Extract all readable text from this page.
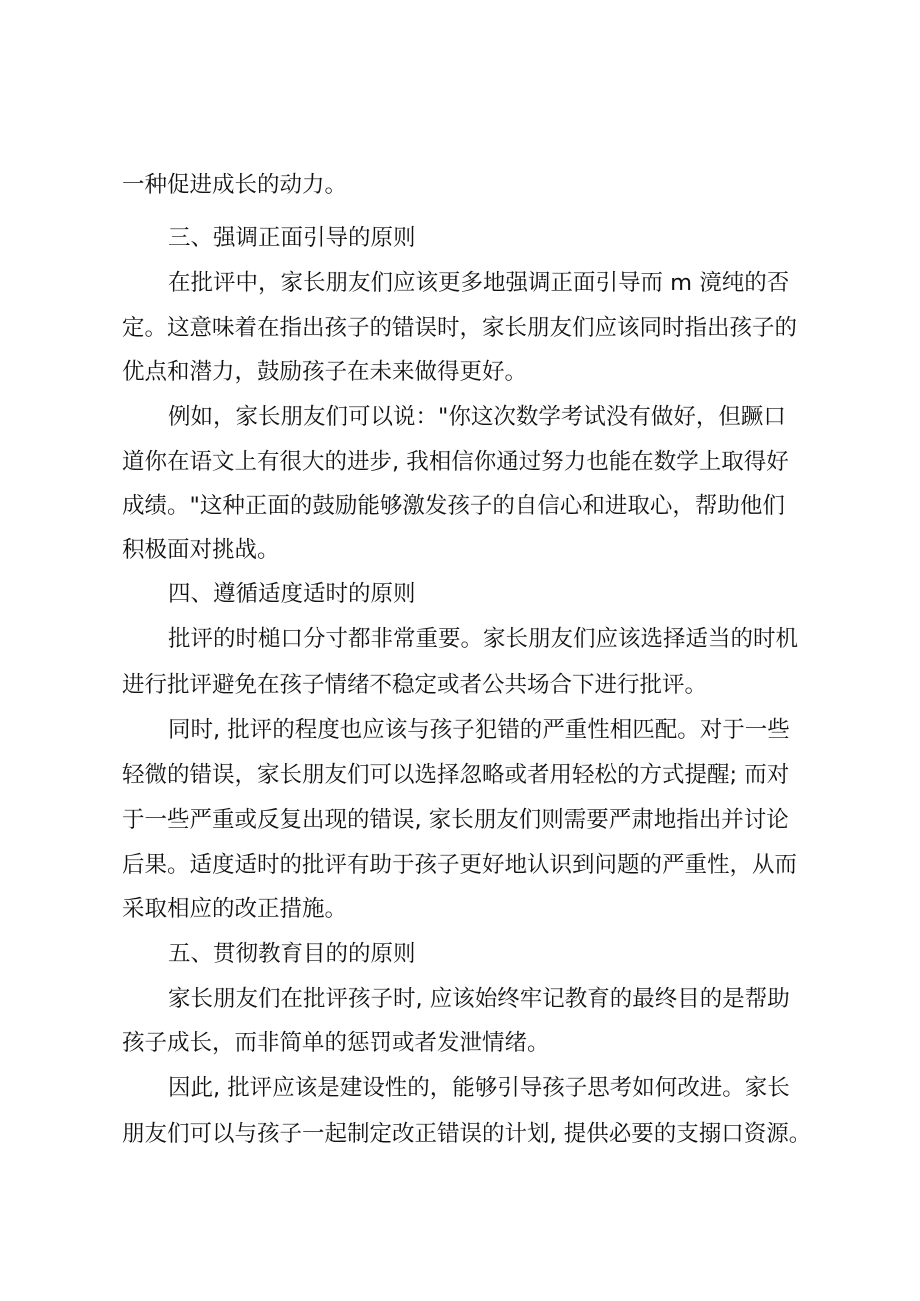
一种促进成长的动力。
三、强调正面引导的原则
在批评中，家长朋友们应该更多地强调正面引导而 m 滰纯的否
定。这意味着在指出孩子的错误时，家长朋友们应该同时指出孩子的
优点和潜力，鼓励孩子在未来做得更好。
例如，家长朋友们可以说："你这次数学考试没有做好，但蹶口
道你在语文上有很大的进步, 我相信你通过努力也能在数学上取得好
成绩。"这种正面的鼓励能够激发孩子的自信心和进取心，帮助他们
积极面对挑战。
四、遵循适度适时的原则
批评的时槌口分寸都非常重要。家长朋友们应该选择适当的时机
进行批评避免在孩子情绪不稳定或者公共场合下进行批评。
同时, 批评的程度也应该与孩子犯错的严重性相匹配。对于一些
轻微的错误，家长朋友们可以选择忽略或者用轻松的方式提醒; 而对
于一些严重或反复出现的错误, 家长朋友们则需要严肃地指出并讨论
后果。适度适时的批评有助于孩子更好地认识到问题的严重性，从而
采取相应的改正措施。
五、贯彻教育目的的原则
家长朋友们在批评孩子时, 应该始终牢记教育的最终目的是帮助
孩子成长，而非简单的惩罚或者发泄情绪。
因此, 批评应该是建设性的，能够引导孩子思考如何改进。家长
朋友们可以与孩子一起制定改正错误的计划, 提供必要的支搦口资源。
